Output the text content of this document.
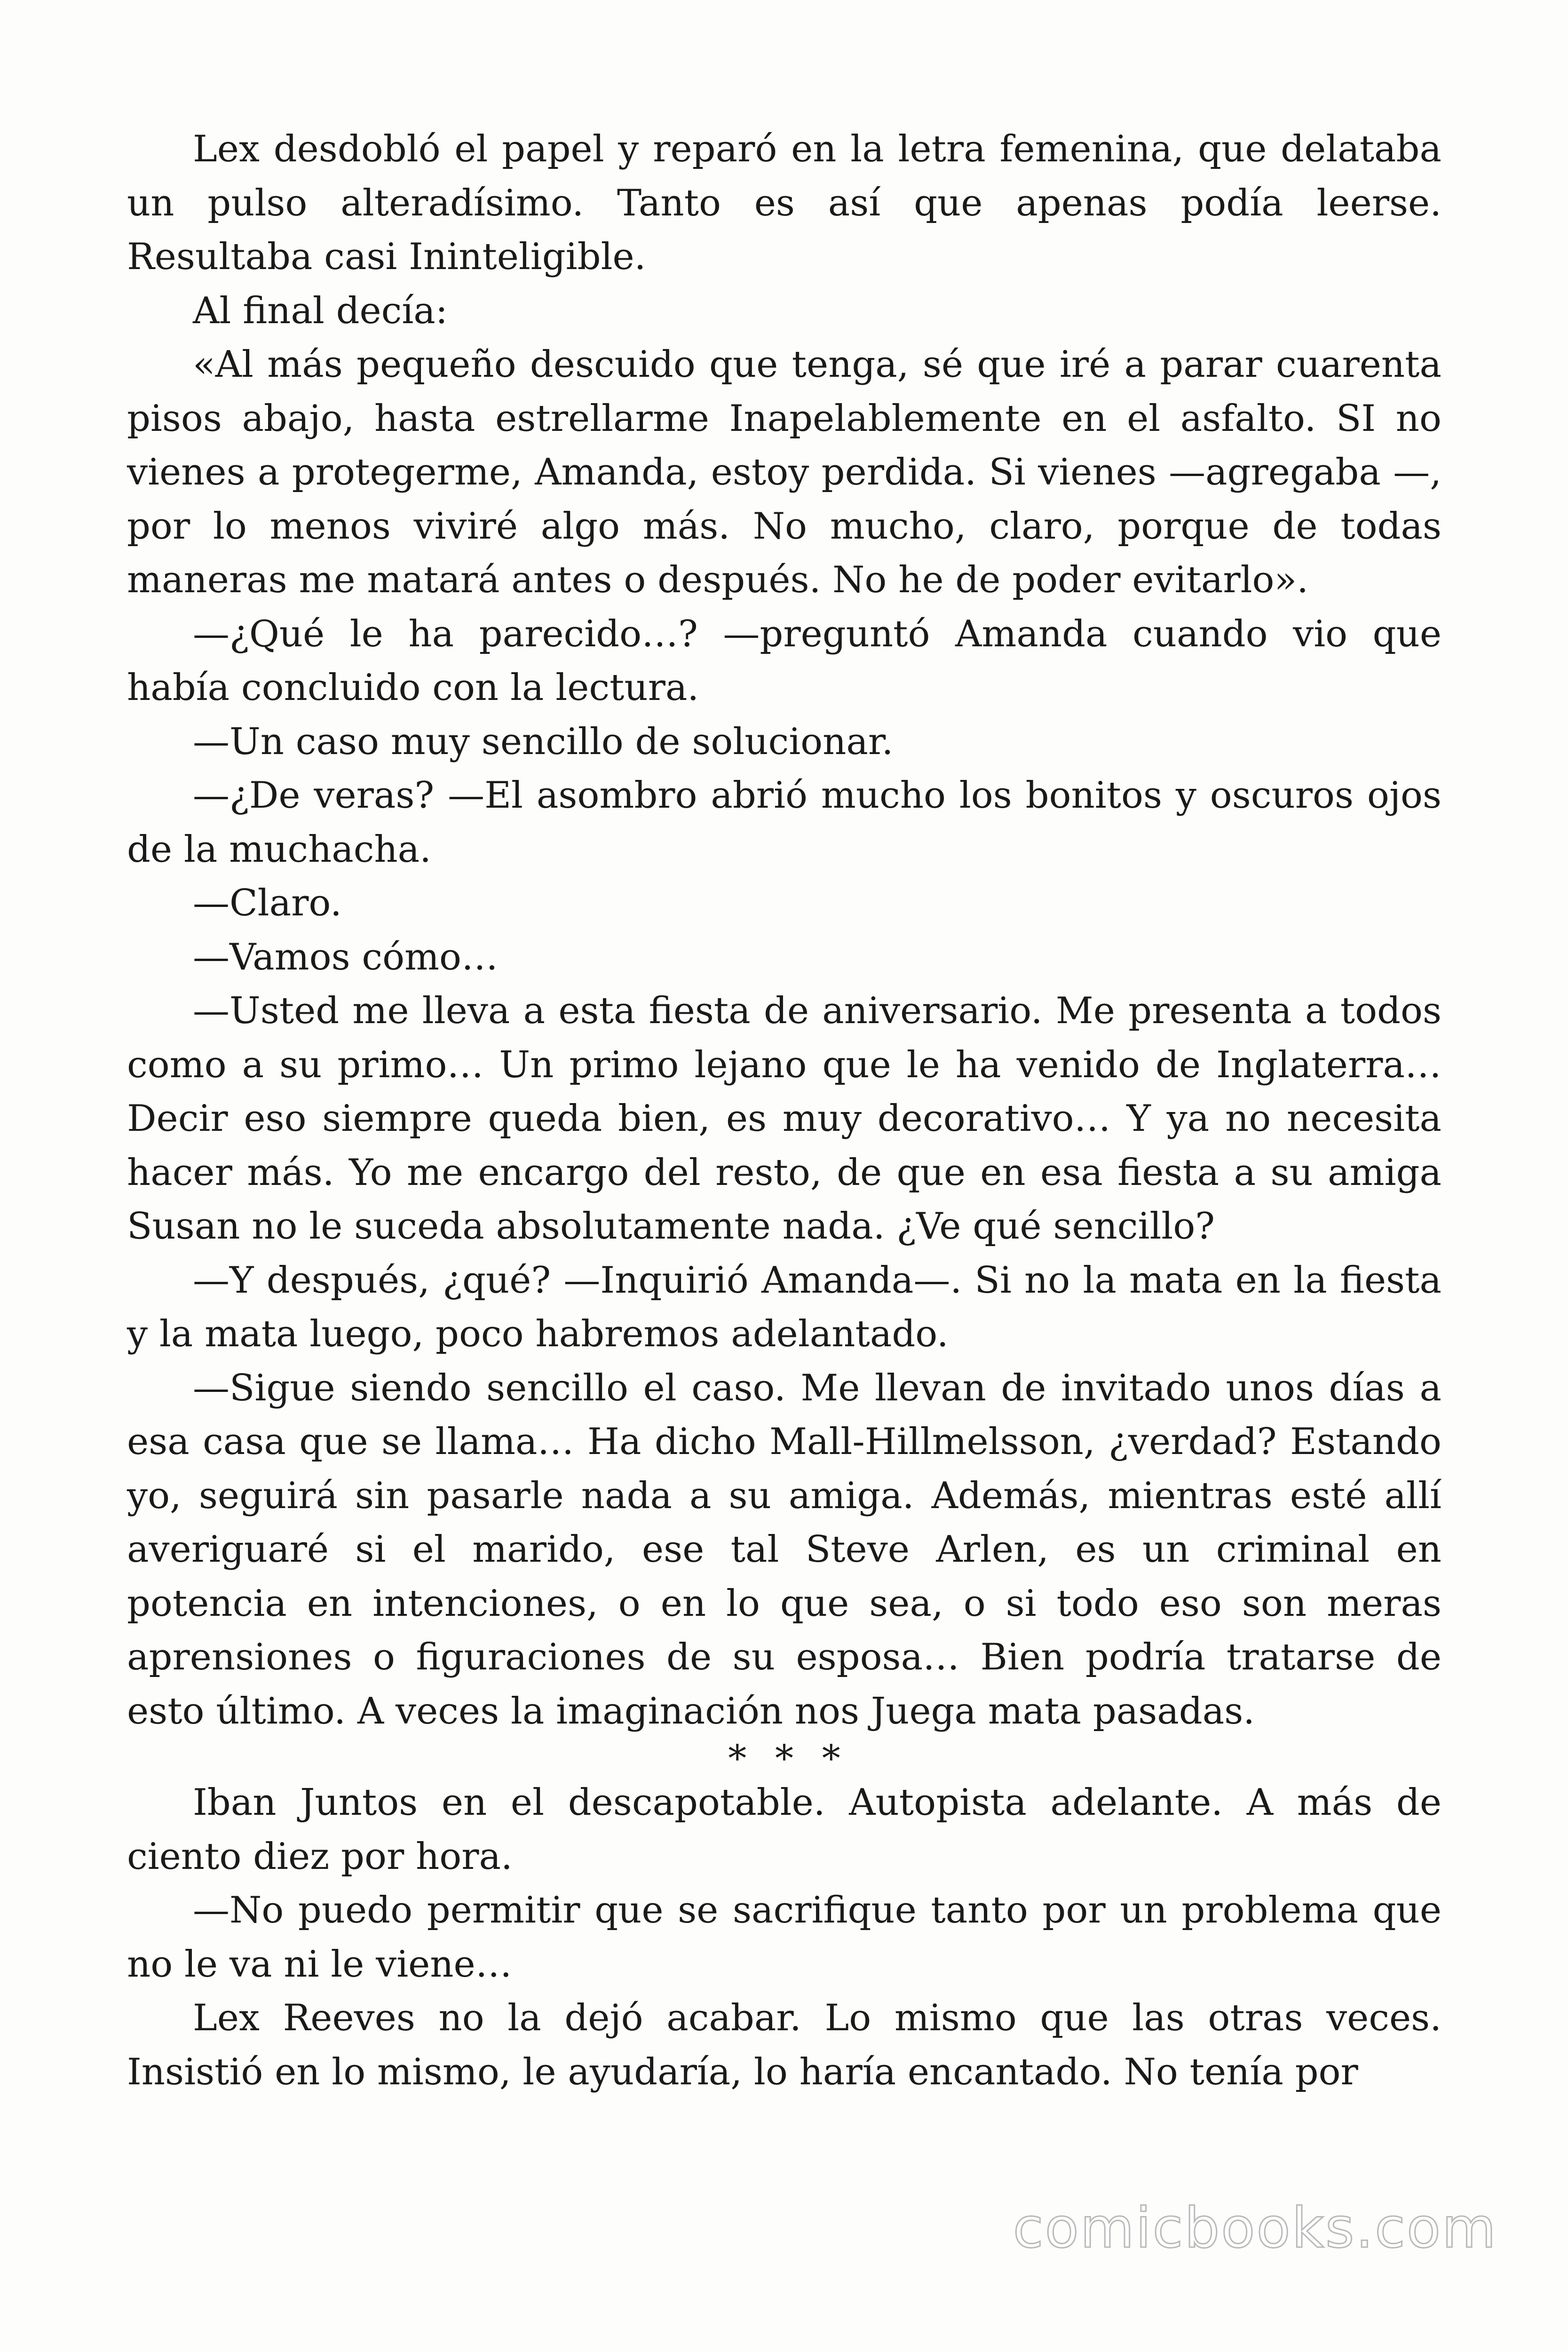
Lex desdobló el papel y reparó en la letra femenina, que delataba un pulso alteradísimo. Tanto es así que apenas podía leerse. Resultaba casi Ininteligible.

Al final decía:

«Al más pequeño descuido que tenga, sé que iré a parar cuarenta pisos abajo, hasta estrellarme Inapelablemente en el asfalto. SI no vienes a protegerme, Amanda, estoy perdida. Si vienes —agregaba —, por lo menos viviré algo más. No mucho, claro, porque de todas maneras me matará antes o después. No he de poder evitarlo».

—¿Qué le ha parecido…? —preguntó Amanda cuando vio que había concluido con la lectura.

—Un caso muy sencillo de solucionar.

—¿De veras? —El asombro abrió mucho los bonitos y oscuros ojos de la muchacha.

—Claro.

—Vamos cómo…

—Usted me lleva a esta fiesta de aniversario. Me presenta a todos como a su primo… Un primo lejano que le ha venido de Inglaterra… Decir eso siempre queda bien, es muy decorativo… Y ya no necesita hacer más. Yo me encargo del resto, de que en esa fiesta a su amiga Susan no le suceda absolutamente nada. ¿Ve qué sencillo?

—Y después, ¿qué? —Inquirió Amanda—. Si no la mata en la fiesta y la mata luego, poco habremos adelantado.

—Sigue siendo sencillo el caso. Me llevan de invitado unos días a esa casa que se llama… Ha dicho Mall-Hillmelsson, ¿verdad? Estando yo, seguirá sin pasarle nada a su amiga. Además, mientras esté allí averiguaré si el marido, ese tal Steve Arlen, es un criminal en potencia en intenciones, o en lo que sea, o si todo eso son meras aprensiones o figuraciones de su esposa… Bien podría tratarse de esto último. A veces la imaginación nos Juega mata pasadas.

* * *

Iban Juntos en el descapotable. Autopista adelante. A más de ciento diez por hora.

—No puedo permitir que se sacrifique tanto por un problema que no le va ni le viene…

Lex Reeves no la dejó acabar. Lo mismo que las otras veces. Insistió en lo mismo, le ayudaría, lo haría encantado. No tenía por

comicbooks.com
